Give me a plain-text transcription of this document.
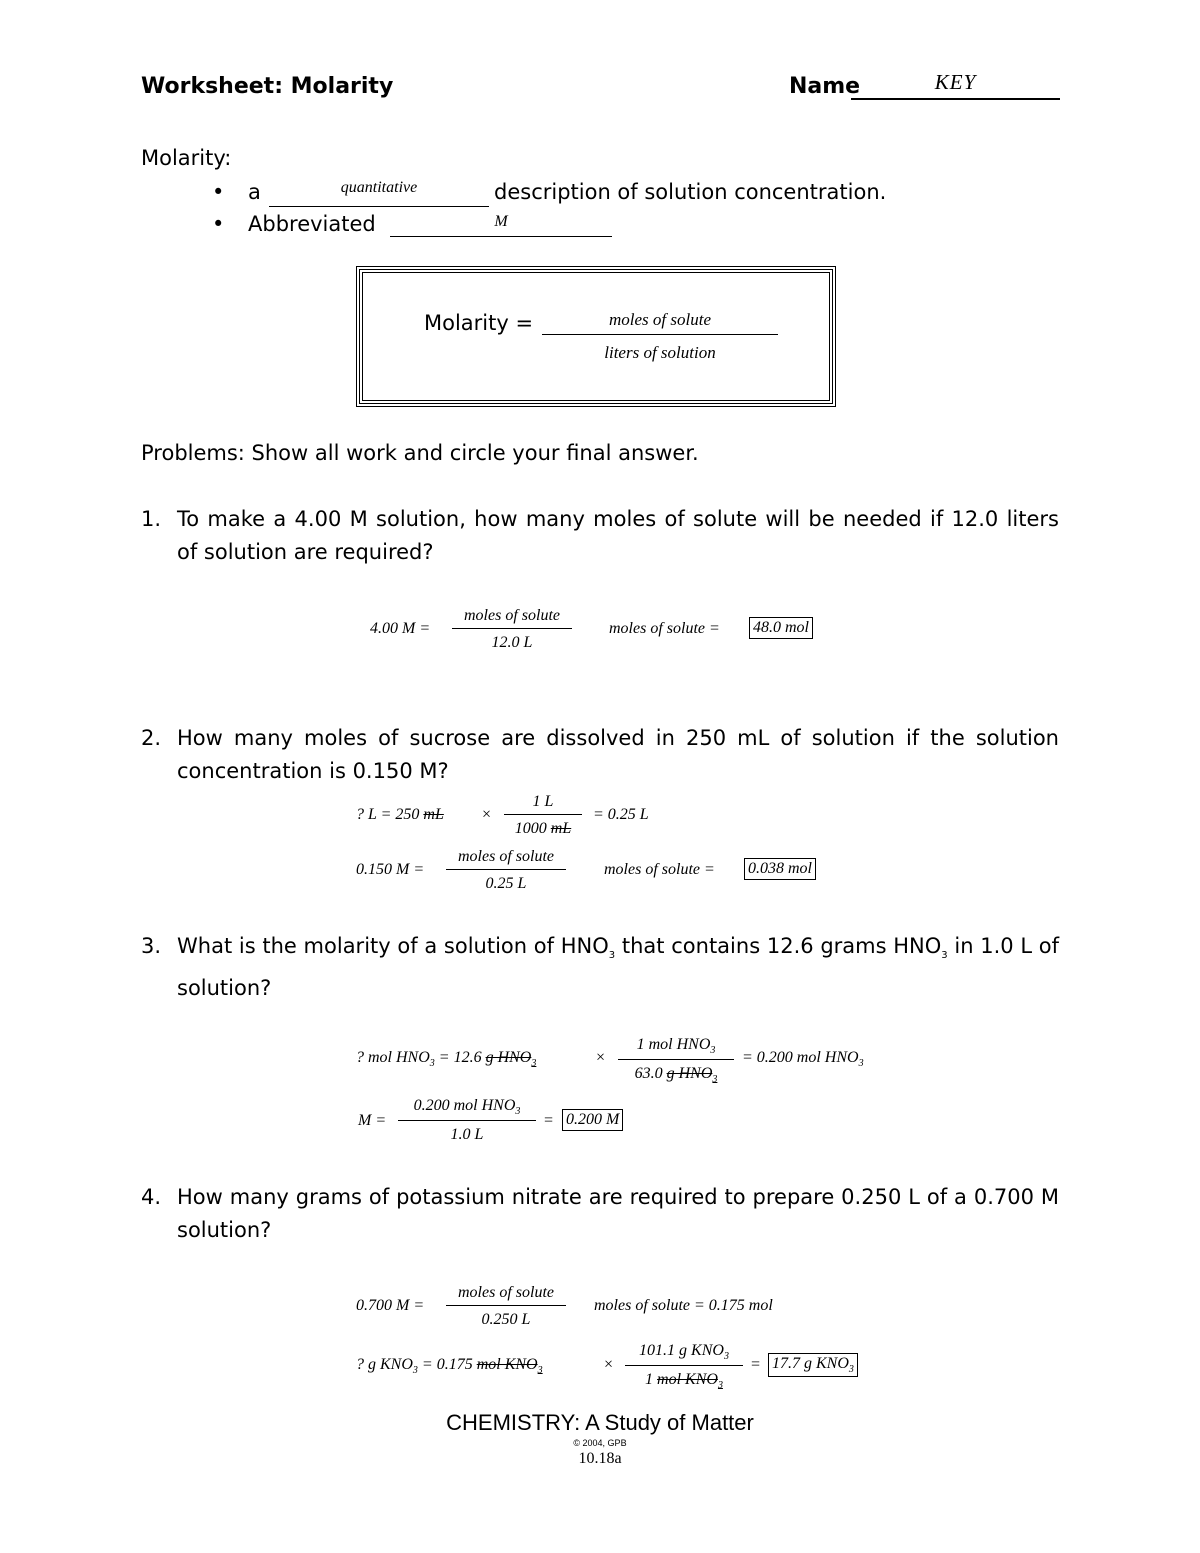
Worksheet: Molarity	Name	KEY
Molarity:
• a	quantitative	description of solution concentration.
• Abbreviated	M
Molarity =	moles of solute
liters of solution
Problems: Show all work and circle your final answer.
1. To make a 4.00 M solution, how many moles of solute will be needed if 12.0 liters of solution are required?
4.00 M =
moles of solute
12.0 L
moles of solute = 48.0 mol
2. How many moles of sucrose are dissolved in 250 mL of solution if the solution concentration is 0.150 M?
? L = 250 mL × $\frac{1 L}{1000 mL} = 0.25$ L
0.150 M =
moles of solute
0.25 L
moles of solute = 0.038 mol
3. What is the molarity of a solution of $HNO_3$ that contains 12.6 grams $HNO_3$ in 1.0 L of solution?
? mol $HNO_3 = 12.6$ g $HNO_3$	×
1 mol $HNO_3$
63.0 g $HNO_3$
= 0.200 mol $HNO_3$
M =
0.200 mol $HNO_3$
1.0 L
= 0.200 M
4. How many grams of potassium nitrate are required to prepare 0.250 L of a 0.700 M solution?
0.700 M =
moles of solute
0.250 L
moles of solute = 0.175 mol
? g $KNO_3 = 0.175$ mol $KNO_3$	×
101.1 g $KNO_3$
1 mol $KNO_3$
= 17.7 g $KNO_3$
CHEMISTRY: A Study of Matter
© 2004, GPB
10.18a
